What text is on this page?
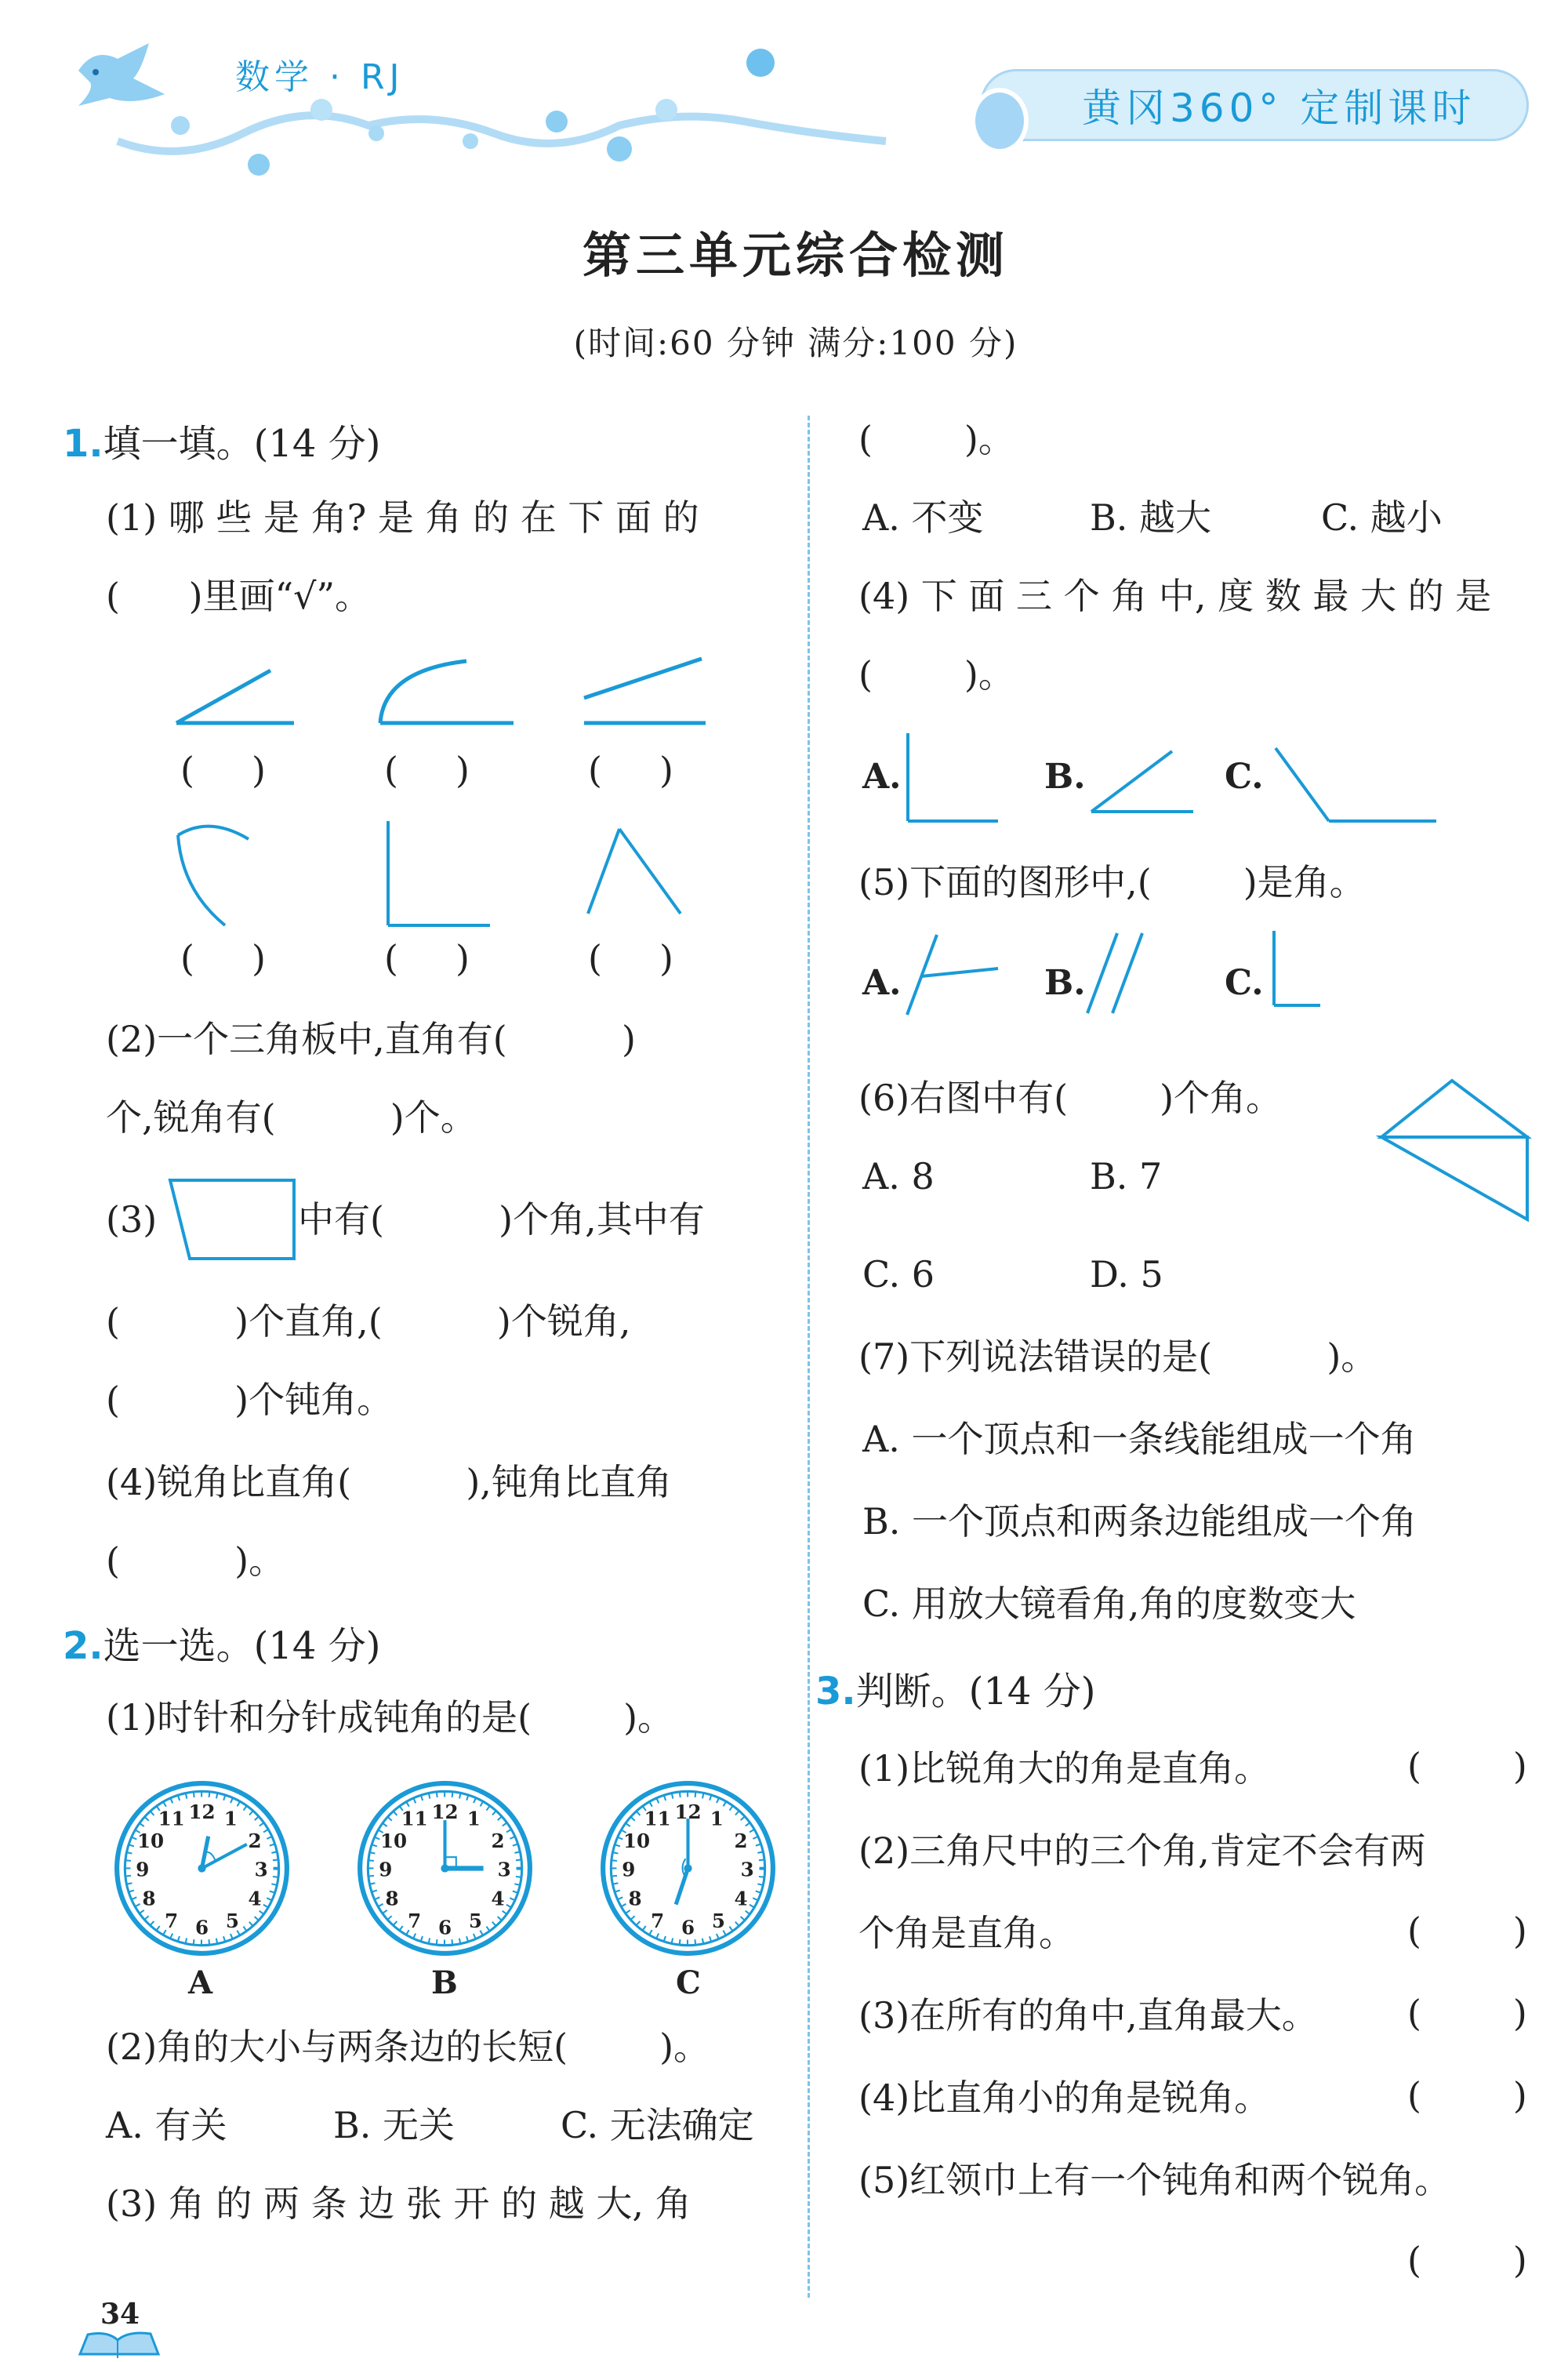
数学 · RJ
黄冈360° 定制课时
第三单元综合检测
(时间:60 分钟 满分:100 分)
1.填一填。(14 分)
(1) 哪 些 是 角? 是 角 的 在 下 面 的
(      )里画“√”。
(     )	(     )	(     )
(     )	(     )	(     )
(2)一个三角板中,直角有(          )
个,锐角有(          )个。
(3)	中有(          )个角,其中有
(          )个直角,(          )个锐角,
(          )个钝角。
(4)锐角比直角(          ),钝角比直角
(          )。
2.选一选。(14 分)
(1)时针和分针成钝角的是(        )。
12 1
2
3
4
5
6
7
8
9
10
11	12 1
2
3
4
5
6
7
8
9
10
11	12 1
2
3
4
5
6
7
8
9
10
11
A	B	C
(2)角的大小与两条边的长短(        )。
A. 有关	B. 无关	C. 无法确定
(3) 角 的 两 条 边 张 开 的 越 大, 角
34
(        )。
A. 不变	B. 越大	C. 越小
(4) 下 面 三 个 角 中, 度 数 最 大 的 是
(        )。
A.	B.	C.
(5)下面的图形中,(        )是角。
A.	B.	C.
(6)右图中有(        )个角。
A. 8	B. 7
C. 6	D. 5
(7)下列说法错误的是(          )。
A. 一个顶点和一条线能组成一个角
B. 一个顶点和两条边能组成一个角
C. 用放大镜看角,角的度数变大
3.判断。(14 分)
(1)比锐角大的角是直角。	(        )
(2)三角尺中的三个角,肯定不会有两
个角是直角。	(        )
(3)在所有的角中,直角最大。 (        )
(4)比直角小的角是锐角。	(        )
(5)红领巾上有一个钝角和两个锐角。
(        )
